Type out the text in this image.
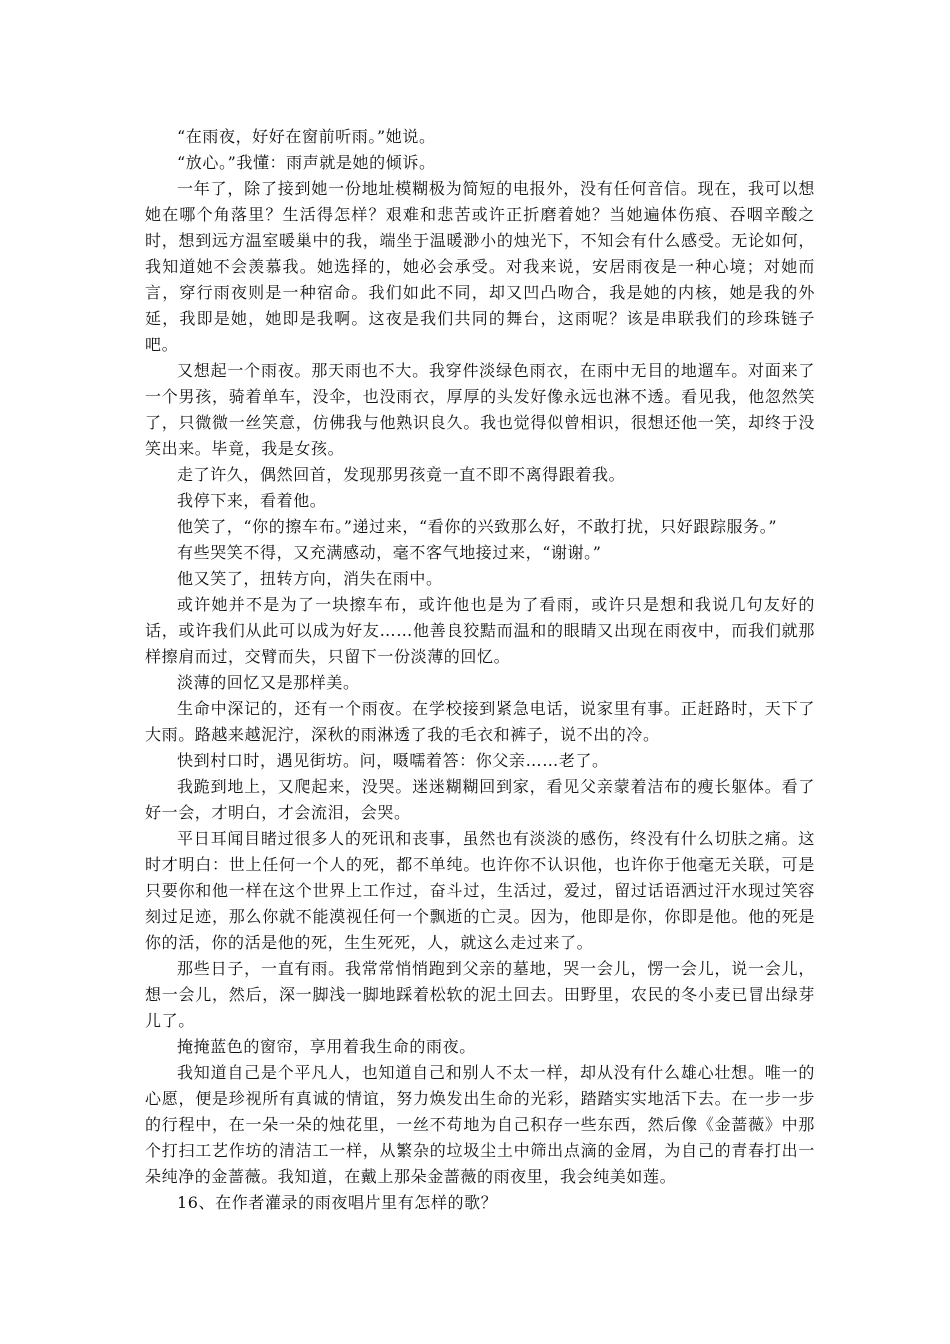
“在雨夜，好好在窗前听雨。”她说。

“放心。”我懂：雨声就是她的倾诉。

一年了，除了接到她一份地址模糊极为简短的电报外，没有任何音信。现在，我可以想她在哪个角落里？生活得怎样？艰难和悲苦或许正折磨着她？当她遍体伤痕、吞咽辛酸之时，想到远方温室暖巢中的我，端坐于温暖渺小的烛光下，不知会有什么感受。无论如何，我知道她不会羡慕我。她选择的，她必会承受。对我来说，安居雨夜是一种心境；对她而言，穿行雨夜则是一种宿命。我们如此不同，却又凹凸吻合，我是她的内核，她是我的外延，我即是她，她即是我啊。这夜是我们共同的舞台，这雨呢？该是串联我们的珍珠链子吧。

又想起一个雨夜。那天雨也不大。我穿件淡绿色雨衣，在雨中无目的地遛车。对面来了一个男孩，骑着单车，没伞，也没雨衣，厚厚的头发好像永远也淋不透。看见我，他忽然笑了，只微微一丝笑意，仿佛我与他熟识良久。我也觉得似曾相识，很想还他一笑，却终于没笑出来。毕竟，我是女孩。

走了许久，偶然回首，发现那男孩竟一直不即不离得跟着我。

我停下来，看着他。

他笑了，“你的擦车布。”递过来，“看你的兴致那么好，不敢打扰，只好跟踪服务。”

有些哭笑不得，又充满感动，毫不客气地接过来，“谢谢。”

他又笑了，扭转方向，消失在雨中。

或许她并不是为了一块擦车布，或许他也是为了看雨，或许只是想和我说几句友好的话，或许我们从此可以成为好友……他善良狡黠而温和的眼睛又出现在雨夜中，而我们就那样擦肩而过，交臂而失，只留下一份淡薄的回忆。

淡薄的回忆又是那样美。

生命中深记的，还有一个雨夜。在学校接到紧急电话，说家里有事。正赶路时，天下了大雨。路越来越泥泞，深秋的雨淋透了我的毛衣和裤子，说不出的冷。

快到村口时，遇见街坊。问，嗫嚅着答：你父亲……老了。

我跪到地上，又爬起来，没哭。迷迷糊糊回到家，看见父亲蒙着洁布的瘦长躯体。看了好一会，才明白，才会流泪，会哭。

平日耳闻目睹过很多人的死讯和丧事，虽然也有淡淡的感伤，终没有什么切肤之痛。这时才明白：世上任何一个人的死，都不单纯。也许你不认识他，也许你于他毫无关联，可是只要你和他一样在这个世界上工作过，奋斗过，生活过，爱过，留过话语洒过汗水现过笑容刻过足迹，那么你就不能漠视任何一个飘逝的亡灵。因为，他即是你，你即是他。他的死是你的活，你的活是他的死，生生死死，人，就这么走过来了。

那些日子，一直有雨。我常常悄悄跑到父亲的墓地，哭一会儿，愣一会儿，说一会儿，想一会儿，然后，深一脚浅一脚地踩着松软的泥土回去。田野里，农民的冬小麦已冒出绿芽儿了。

掩掩蓝色的窗帘，享用着我生命的雨夜。

我知道自己是个平凡人，也知道自己和别人不太一样，却从没有什么雄心壮想。唯一的心愿，便是珍视所有真诚的情谊，努力焕发出生命的光彩，踏踏实实地活下去。在一步一步的行程中，在一朵一朵的烛花里，一丝不苟地为自己积存一些东西，然后像《金蔷薇》中那个打扫工艺作坊的清洁工一样，从繁杂的垃圾尘土中筛出点滴的金屑，为自己的青春打出一朵纯净的金蔷薇。我知道，在戴上那朵金蔷薇的雨夜里，我会纯美如莲。

16、在作者灌录的雨夜唱片里有怎样的歌？
